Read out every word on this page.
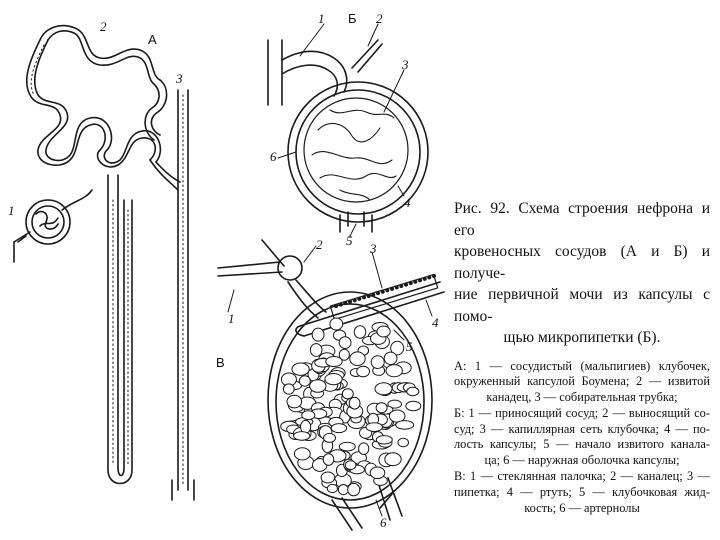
А
1
2
3
Б
1	2
3
4
5
6
В
1
2	3
4
5
6

Рис. 92. Схема строения нефрона и его
кровеносных сосудов (А и Б) и получе-
ние первичной мочи из капсулы с помо-
щью микропипетки (Б).

А: 1 — сосудистый (мальпигиев) клубочек,
окруженный капсулой Боумена; 2 — извитой
канадец, 3 — собирательная трубка;
Б: 1 — приносящий сосуд; 2 — выносящий со-
суд; 3 — капиллярная сеть клубочка; 4 — по-
лость капсулы; 5 — начало извитого канала-
ца; 6 — наружная оболочка капсулы;
В: 1 — стеклянная палочка; 2 — каналец; 3 —
пипетка; 4 — ртуть; 5 — клубочковая жид-
кость; 6 — артернолы
